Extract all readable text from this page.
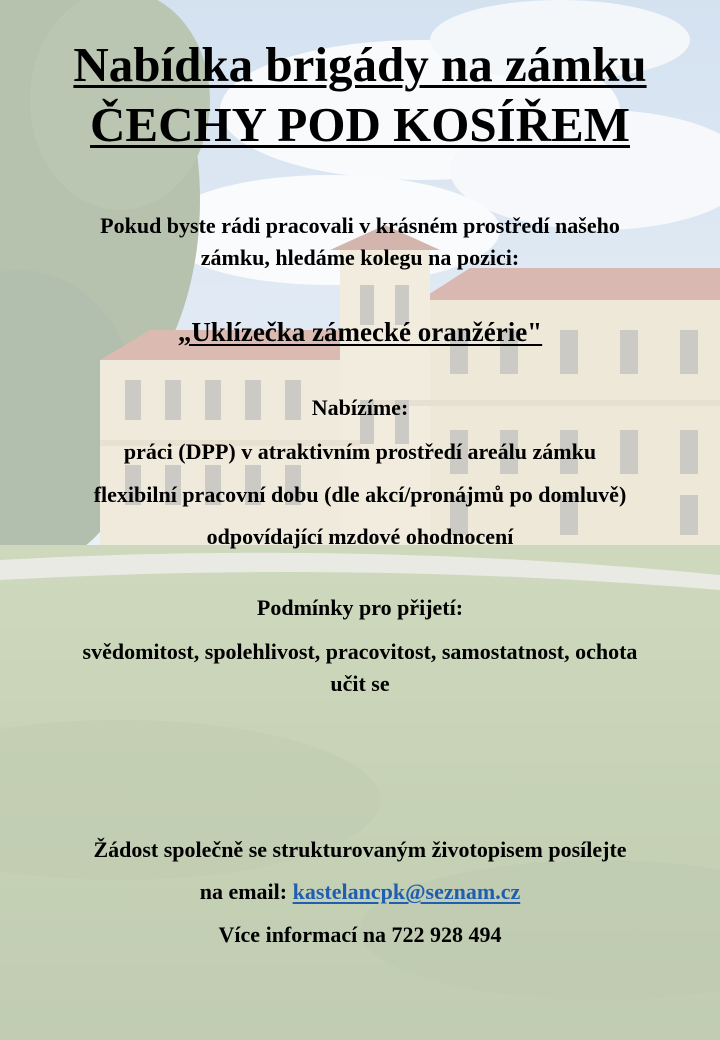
Nabídka brigády na zámku

ČECHY POD KOSÍŘEM

Pokud byste rádi pracovali v krásném prostředí našeho

zámku, hledáme kolegu na pozici:

„Uklízečka zámecké oranžérie"

Nabízíme:

práci (DPP) v atraktivním prostředí areálu zámku

flexibilní pracovní dobu (dle akcí/pronájmů po domluvě)

odpovídající mzdové ohodnocení

Podmínky pro přijetí:

svědomitost, spolehlivost, pracovitost, samostatnost, ochota

učit se

Žádost společně se strukturovaným životopisem posílejte

na email: kastelancpk@seznam.cz

Více informací na 722 928 494
